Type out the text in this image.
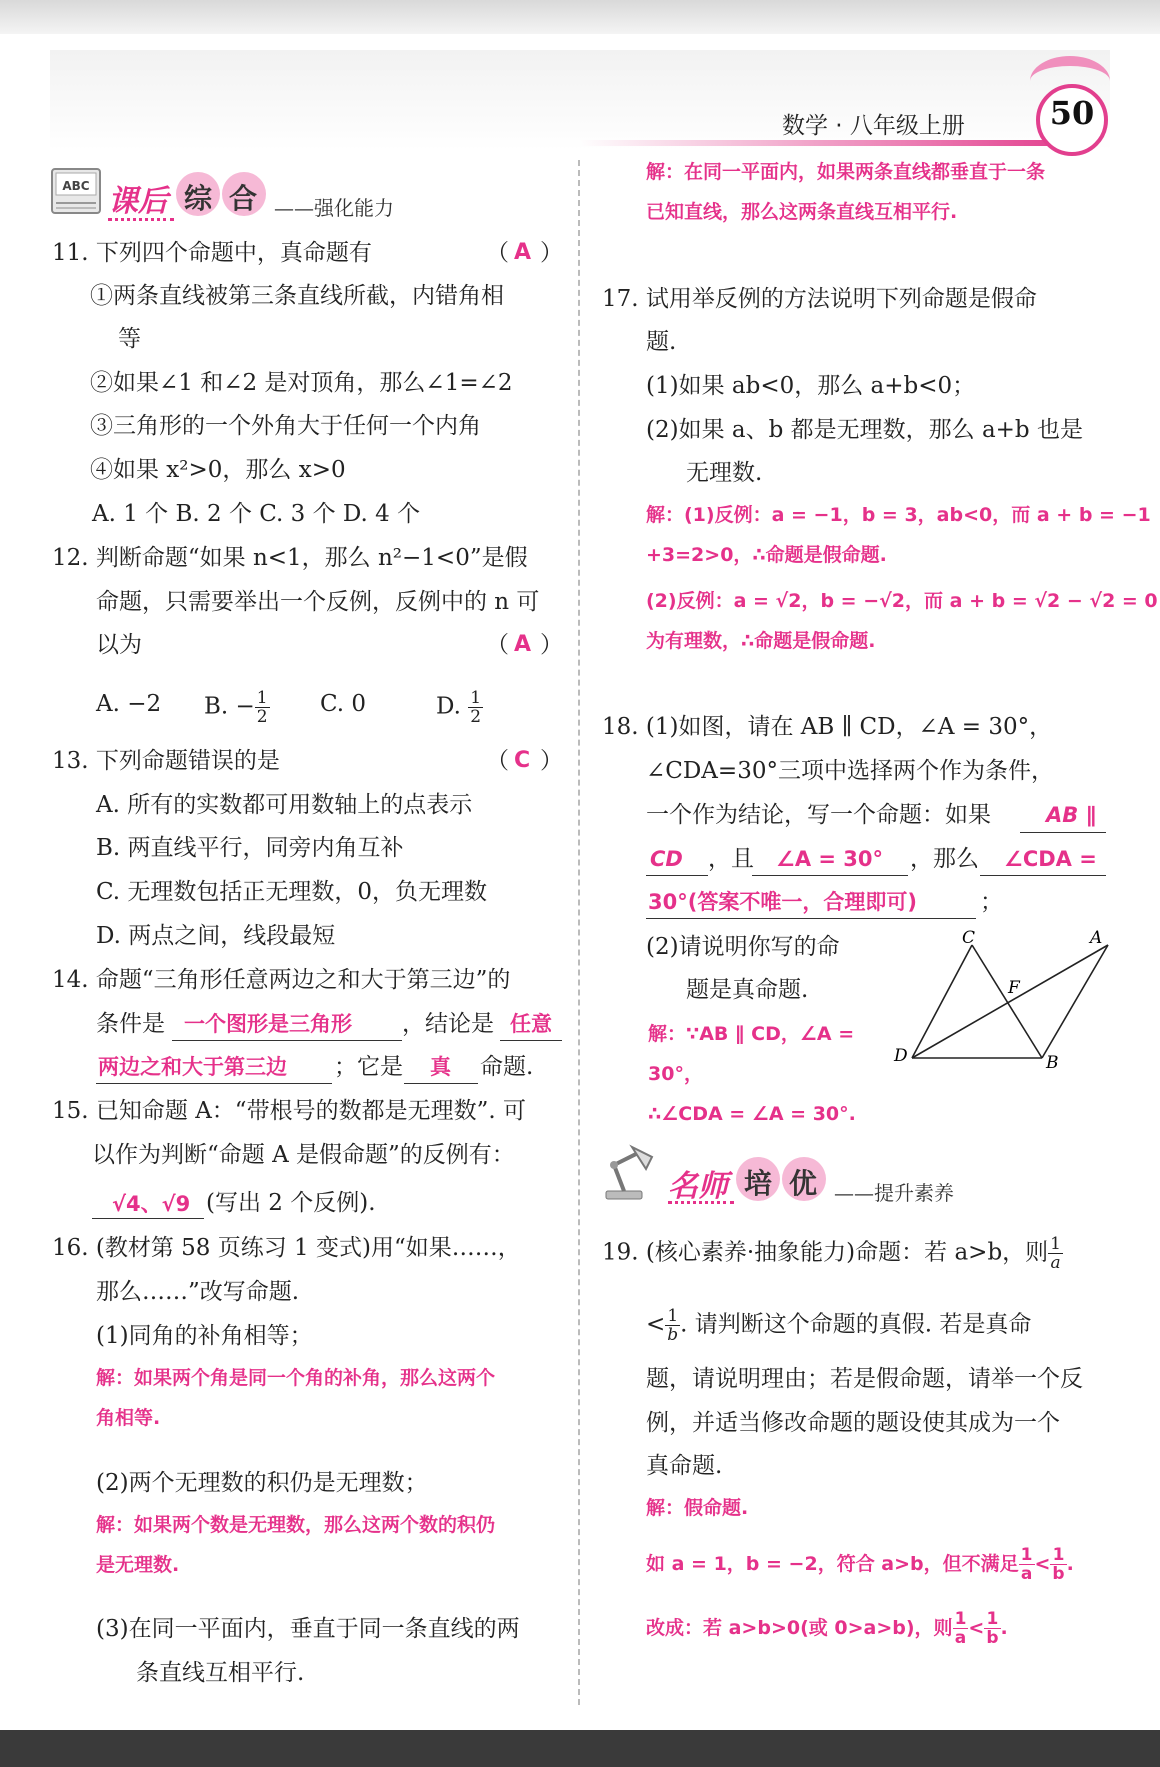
数学 · 八年级上册	50
ABC 课后 综 合 ——强化能力
11. 下列四个命题中，真命题有	（ A ）
①两条直线被第三条直线所截，内错角相
等
②如果∠1 和∠2 是对顶角，那么∠1=∠2
③三角形的一个外角大于任何一个内角
④如果 x²>0，那么 x>0
A. 1 个 B. 2 个 C. 3 个 D. 4 个
12. 判断命题“如果 n<1，那么 n²−1<0”是假
命题，只需要举出一个反例，反例中的 n 可
以为	（ A ）
A. −2 B. − $\frac{1}{2} C$. 0	D. $\frac{1}{2}$
13. 下列命题错误的是	（ C ）
A. 所有的实数都可用数轴上的点表示
B. 两直线平行，同旁内角互补
C. 无理数包括正无理数，0，负无理数
D. 两点之间，线段最短
14. 命题“三角形任意两边之和大于第三边”的
条件是 一个图形是三角形 ，结论是 任意
两边之和大于第三边 ；它是 真 命题.
15. 已知命题 A：“带根号的数都是无理数”. 可
以作为判断“命题 A 是假命题”的反例有：
√4、√9 (写出 2 个反例).
16. (教材第 58 页练习 1 变式)用“如果……，
那么……”改写命题.
(1)同角的补角相等；
解：如果两个角是同一个角的补角，那么这两个
角相等.
(2)两个无理数的积仍是无理数；
解：如果两个数是无理数，那么这两个数的积仍
是无理数.
(3)在同一平面内，垂直于同一条直线的两
条直线互相平行.
解：在同一平面内，如果两条直线都垂直于一条
已知直线，那么这两条直线互相平行.
17. 试用举反例的方法说明下列命题是假命
题.
(1)如果 ab<0，那么 a+b<0；
(2)如果 a、b 都是无理数，那么 a+b 也是
无理数.
解：(1)反例：a = −1，b = 3，ab<0，而 a + b = −1
+3=2>0，∴命题是假命题.
(2)反例：a = √2，b = −√2，而 a + b = √2 − √2 = 0
为有理数，∴命题是假命题.
18. (1)如图，请在 AB ∥ CD，∠A = 30°，
∠CDA=30°三项中选择两个作为条件，
一个作为结论，写一个命题：如果	AB ∥
CD ，且 ∠A = 30° ，那么 ∠CDA =
30°(答案不唯一，合理即可)	；
(2)请说明你写的命
题是真命题.
解：∵AB ∥ CD，∠A =
30°，
∴∠CDA = ∠A = 30°.
C	A
F
D	B
名师 培 优 ——提升素养
19. (核心素养·抽象能力)命题：若 a>b，则 $\frac{1}{a}$
< $\frac{1}{b}$ . 请判断这个命题的真假. 若是真命
题，请说明理由；若是假命题，请举一个反
例，并适当修改命题的题设使其成为一个
真命题.
解：假命题.
如 a = 1，b = −2，符合 a>b，但不满足 $\frac{1}{a} < \frac{1}{b}$ .
改成：若 a>b>0(或 0>a>b)，则 $\frac{1}{a} < \frac{1}{b}$ .
